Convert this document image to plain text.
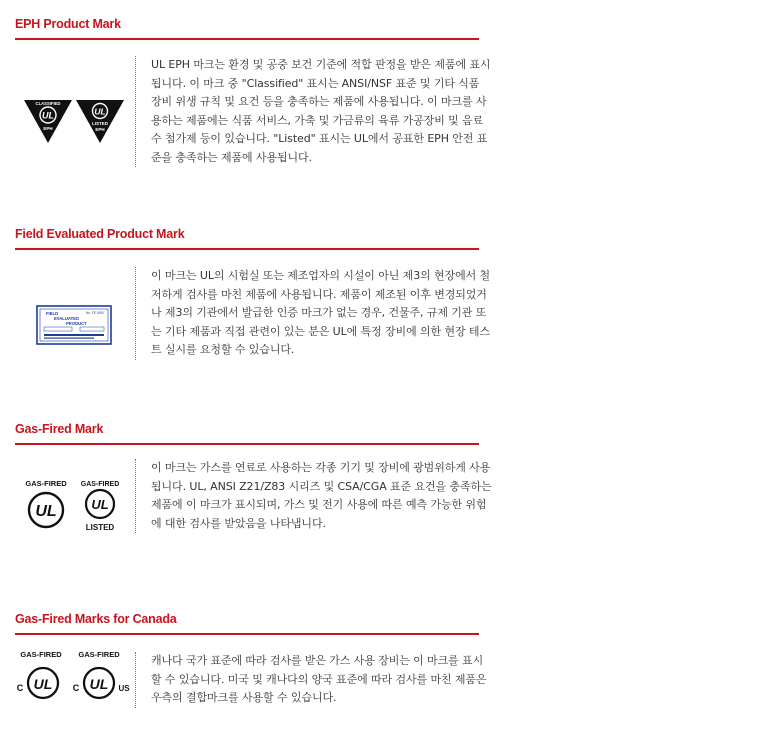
EPH Product Mark
UL
CLASSIFIED
EPH
UL
LISTED
EPH
UL EPH 마크는 환경 및 공중 보건 기준에 적합 판정을 받은 제품에 표시됩니다. 이 마크 중 "Classified" 표시는 ANSI/NSF 표준 및 기타 식품 장비 위생 규칙 및 요건 등을 충족하는 제품에 사용됩니다. 이 마크를 사용하는 제품에는 식품 서비스, 가축 및 가금류의 육류 가공장비 및 음료수 첨가제 등이 있습니다. "Listed" 표시는 UL에서 공표한 EPH 안전 표준을 충족하는 제품에 사용됩니다.
Field Evaluated Product Mark
FIELD
EVALUATED
PRODUCT
No. FE 0000
이 마크는 UL의 시험실 또는 제조업자의 시설이 아닌 제3의 현장에서 철저하게 검사를 마친 제품에 사용됩니다. 제품이 제조된 이후 변경되었거나 제3의 기관에서 발급한 인증 마크가 없는 경우, 건물주, 규제 기관 또는 기타 제품과 직접 관련이 있는 분은 UL에 특정 장비에 의한 현장 테스트 실시를 요청할 수 있습니다.
Gas-Fired Mark
GAS-FIRED
UL
GAS-FIRED
UL
LISTED
이 마크는 가스를 연료로 사용하는 각종 기기 및 장비에 광범위하게 사용됩니다. UL, ANSI Z21/Z83 시리즈 및 CSA/CGA 표준 요건을 충족하는 제품에 이 마크가 표시되며, 가스 및 전기 사용에 따른 예측 가능한 위험에 대한 검사를 받았음을 나타냅니다.
Gas-Fired Marks for Canada
GAS-FIRED
UL
C
GAS-FIRED
UL
C	US
캐나다 국가 표준에 따라 검사를 받은 가스 사용 장비는 이 마크를 표시할 수 있습니다. 미국 및 캐나다의 양국 표준에 따라 검사를 마친 제품은 우측의 결합마크를 사용할 수 있습니다.
